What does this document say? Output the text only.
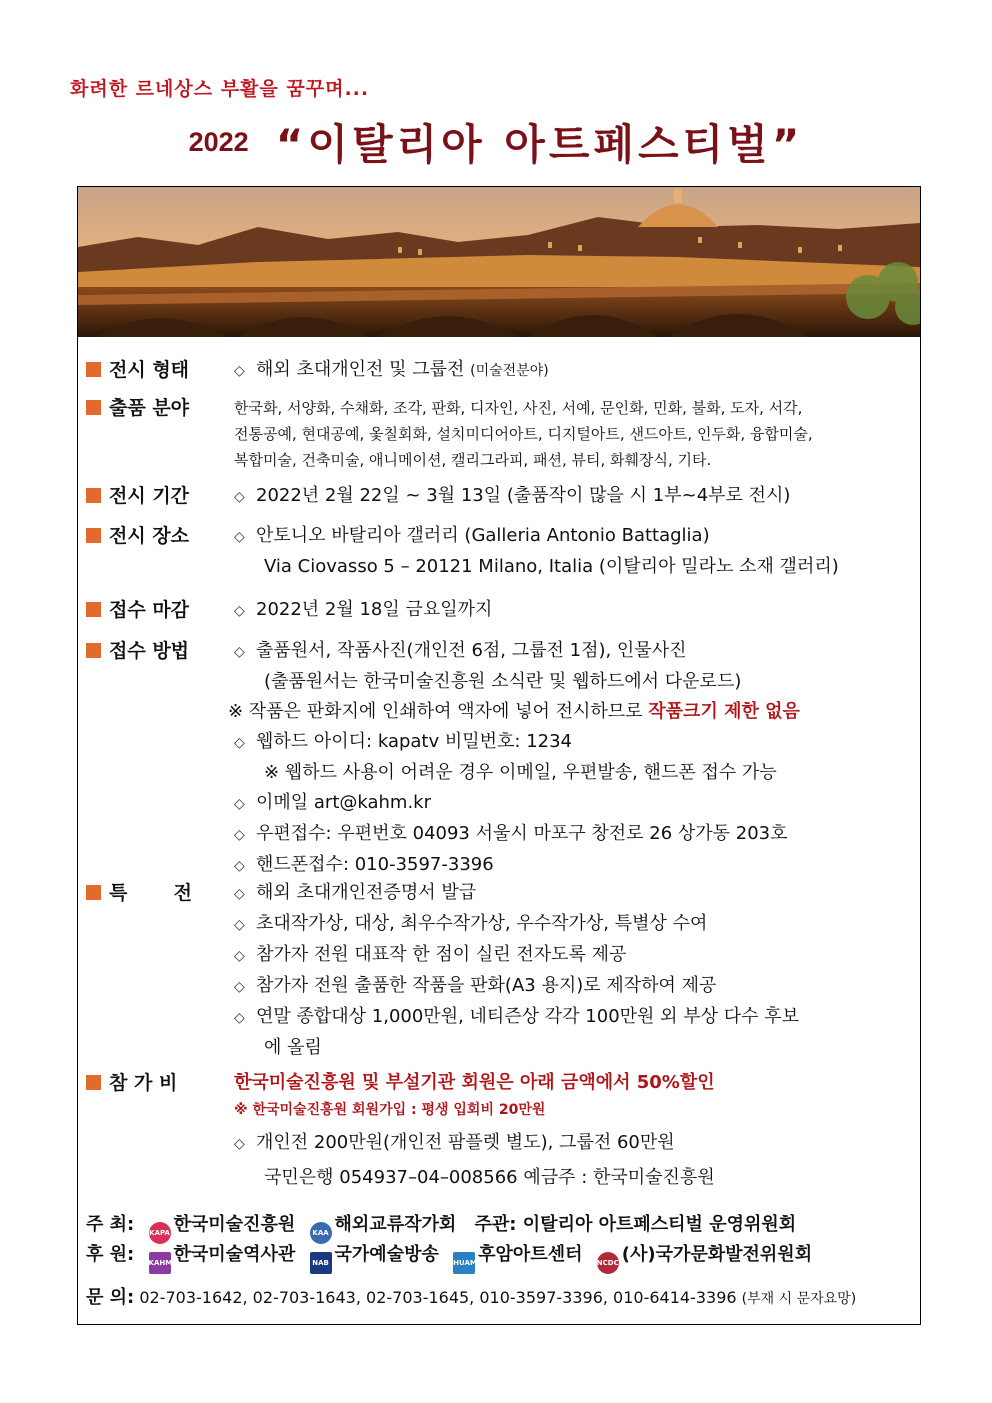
화려한 르네상스 부활을 꿈꾸며...
2022 “이탈리아 아트페스티벌”
전시 형태	◇ 해외 초대개인전 및 그룹전 (미술전분야)
출품 분야	한국화, 서양화, 수채화, 조각, 판화, 디자인, 사진, 서예, 문인화, 민화, 불화, 도자, 서각,
전통공예, 현대공예, 옻칠회화, 설치미디어아트, 디지털아트, 샌드아트, 인두화, 융합미술,
복합미술, 건축미술, 애니메이션, 캘리그라피, 패션, 뷰티, 화훼장식, 기타.
전시 기간	◇ 2022년 2월 22일 ~ 3월 13일 (출품작이 많을 시 1부~4부로 전시)
전시 장소	◇ 안토니오 바탈리아 갤러리 (Galleria Antonio Battaglia)
Via Ciovasso 5 – 20121 Milano, Italia (이탈리아 밀라노 소재 갤러리)
접수 마감	◇ 2022년 2월 18일 금요일까지
접수 방법	◇ 출품원서, 작품사진(개인전 6점, 그룹전 1점), 인물사진
(출품원서는 한국미술진흥원 소식란 및 웹하드에서 다운로드)
※ 작품은 판화지에 인쇄하여 액자에 넣어 전시하므로 작품크기 제한 없음
◇ 웹하드 아이디: kapatv 비밀번호: 1234
※ 웹하드 사용이 어려운 경우 이메일, 우편발송, 핸드폰 접수 가능
◇ 이메일 art@kahm.kr
◇ 우편접수: 우편번호 04093 서울시 마포구 창전로 26 상가동 203호
◇ 핸드폰접수: 010-3597-3396
특       전	◇ 해외 초대개인전증명서 발급
◇ 초대작가상, 대상, 최우수작가상, 우수작가상, 특별상 수여
◇ 참가자 전원 대표작 한 점이 실린 전자도록 제공
◇ 참가자 전원 출품한 작품을 판화(A3 용지)로 제작하여 제공
◇ 연말 종합대상 1,000만원, 네티즌상 각각 100만원 외 부상 다수 후보
에 올림
참 가 비	한국미술진흥원 및 부설기관 회원은 아래 금액에서 50%할인
※ 한국미술진흥원 회원가입 : 평생 입회비 20만원
◇ 개인전 200만원(개인전 팜플렛 별도), 그룹전 60만원
국민은행 054937–04–008566 예금주 : 한국미술진흥원
주 최: KAPA 한국미술진흥원 KAA 해외교류작가회 주관: 이탈리아 아트페스티벌 운영위원회
후 원: KAHM한국미술역사관 NAB 국가예술방송 HUAM후암아트센터 NCDC (사)국가문화발전위원회
문 의: 02-703-1642, 02-703-1643, 02-703-1645, 010-3597-3396, 010-6414-3396 (부재 시 문자요망)
